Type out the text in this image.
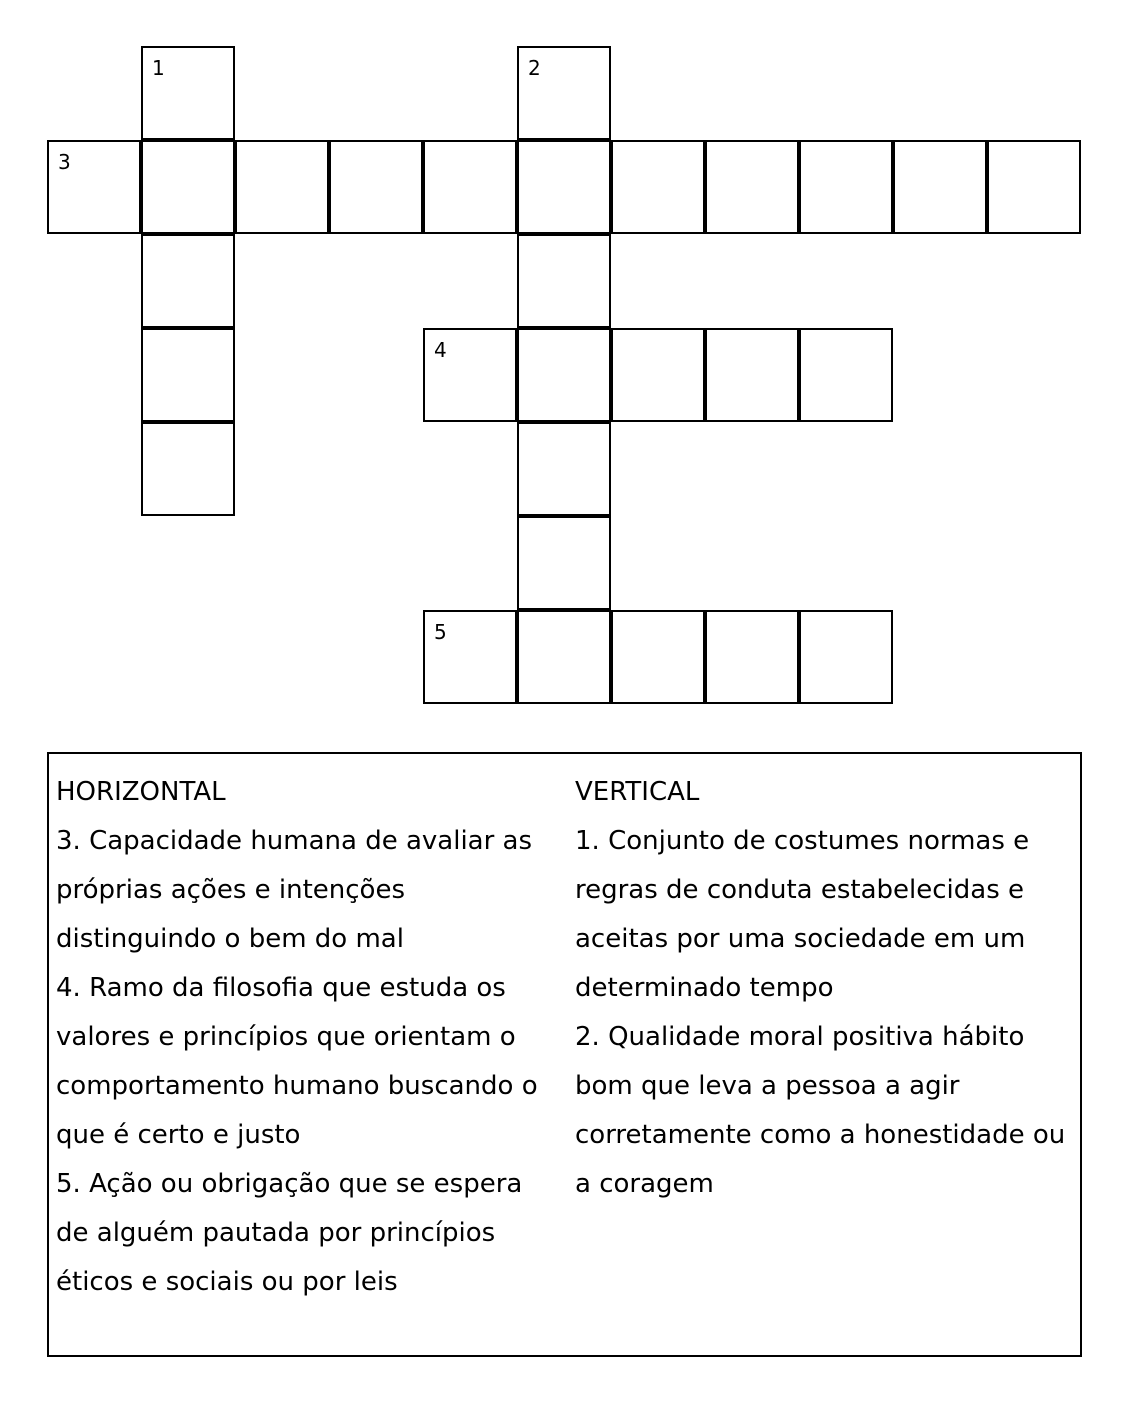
1	2
3
4
5
HORIZONTAL
3. Capacidade humana de avaliar as
próprias ações e intenções
distinguindo o bem do mal
4. Ramo da filosofia que estuda os
valores e princípios que orientam o
comportamento humano buscando o
que é certo e justo
5. Ação ou obrigação que se espera
de alguém pautada por princípios
éticos e sociais ou por leis
VERTICAL
1. Conjunto de costumes normas e
regras de conduta estabelecidas e
aceitas por uma sociedade em um
determinado tempo
2. Qualidade moral positiva hábito
bom que leva a pessoa a agir
corretamente como a honestidade ou
a coragem
